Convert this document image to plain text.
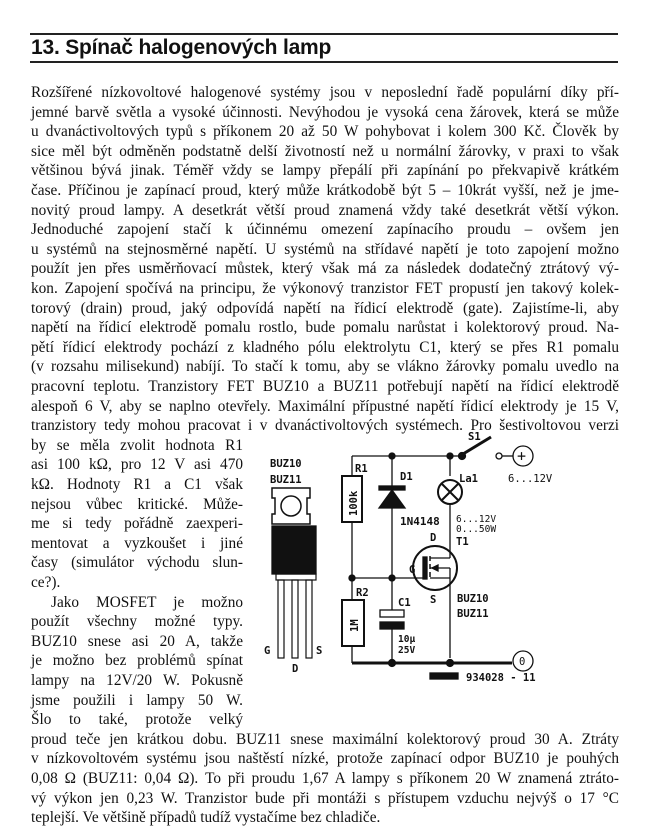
13. Spínač halogenových lamp
Rozšířené nízkovoltové halogenové systémy jsou v neposlední řadě populární díky pří-
jemné barvě světla a vysoké účinnosti. Nevýhodou je vysoká cena žárovek, která se může
u dvanáctivoltových typů s příkonem 20 až 50 W pohybovat i kolem 300 Kč. Člověk by
sice měl být odměněn podstatně delší životností než u normální žárovky, v praxi to však
většinou bývá jinak. Téměř vždy se lampy přepálí při zapínání po překvapivě krátkém
čase. Příčinou je zapínací proud, který může krátkodobě být 5 – 10krát vyšší, než je jme-
novitý proud lampy. A desetkrát větší proud znamená vždy také desetkrát větší výkon.
Jednoduché zapojení stačí k účinnému omezení zapínacího proudu – ovšem jen
u systémů na stejnosměrné napětí. U systémů na střídavé napětí je toto zapojení možno
použít jen přes usměrňovací můstek, který však má za následek dodatečný ztrátový vý-
kon. Zapojení spočívá na principu, že výkonový tranzistor FET propustí jen takový kolek-
torový (drain) proud, jaký odpovídá napětí na řídicí elektrodě (gate). Zajistíme-li, aby
napětí na řídicí elektrodě pomalu rostlo, bude pomalu narůstat i kolektorový proud. Na-
pětí řídicí elektrody pochází z kladného pólu elektrolytu C1, který se přes R1 pomalu
(v rozsahu milisekund) nabíjí. To stačí k tomu, aby se vlákno žárovky pomalu uvedlo na
pracovní teplotu. Tranzistory FET BUZ10 a BUZ11 potřebují napětí na řídicí elektrodě
alespoň 6 V, aby se naplno otevřely. Maximální přípustné napětí řídicí elektrody je 15 V,
tranzistory tedy mohou pracovat i v dvanáctivoltových systémech. Pro šestivoltovou verzi
by se měla zvolit hodnota R1
asi 100 kΩ, pro 12 V asi 470
kΩ. Hodnoty R1 a C1 však
nejsou vůbec kritické. Může-
me si tedy pořádně zaexperi-
mentovat a vyzkoušet i jiné
časy (simulátor východu slun-
ce?).
Jako MOSFET je možno
použít všechny možné typy.
BUZ10 snese asi 20 A, takže
je možno bez problémů spínat
lampy na 12V/20 W. Pokusně
jsme použili i lampy 50 W.
Šlo to také, protože velký
proud teče jen krátkou dobu. BUZ11 snese maximální kolektorový proud 30 A. Ztráty
v nízkovoltovém systému jsou naštěstí nízké, protože zapínací odpor BUZ10 je pouhých
0,08 Ω (BUZ11: 0,04 Ω). To při proudu 1,67 A lampy s příkonem 20 W znamená ztráto-
vý výkon jen 0,23 W. Tranzistor bude při montáži s přístupem vzduchu nejvýš o 17 °C
teplejší. Ve většině případů tudíž vystačíme bez chladiče.
BUZ10
BUZ11
G
D
S
R1
100k
D1
1N4148
S1
+
6...12V
La1
6...12V
0...50W
T1
D
G
S BUZ10
BUZ11
R2
1M
C1
10µ
25V
0
934028 - 11
